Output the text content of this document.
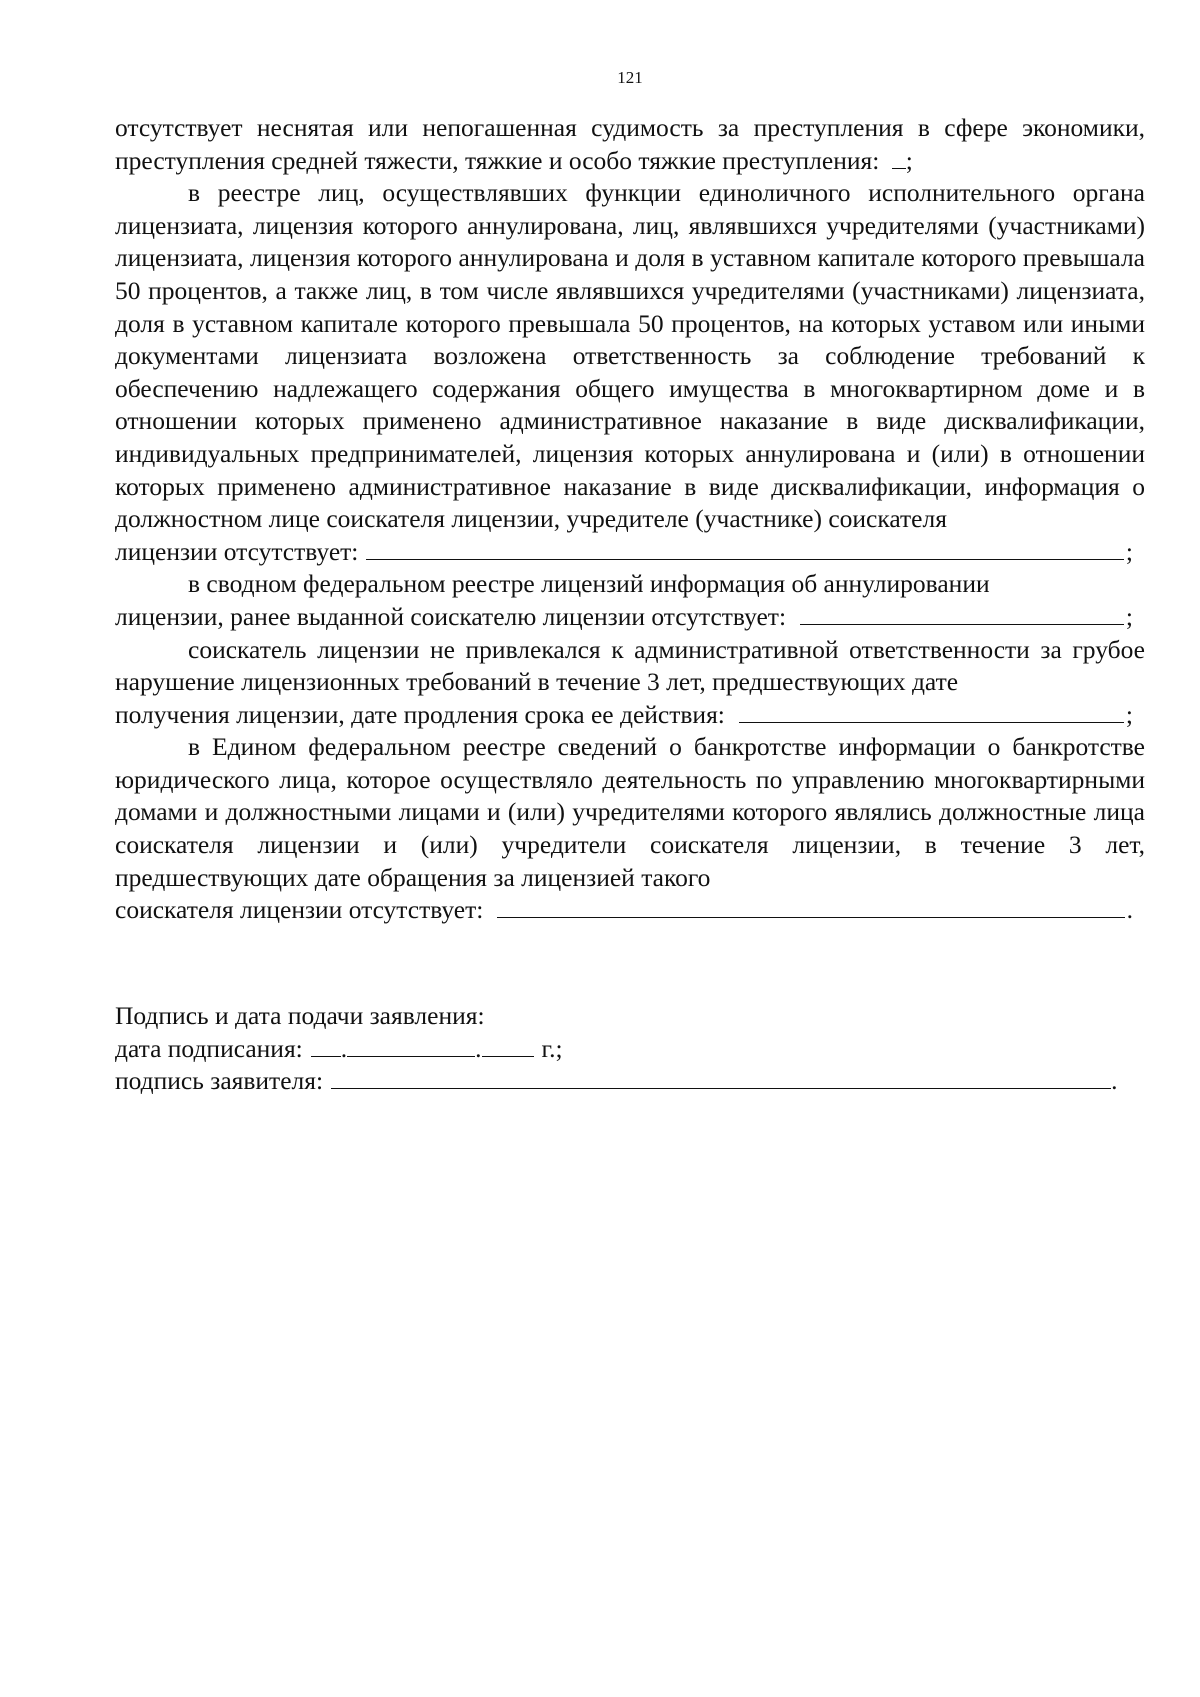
121

отсутствует неснятая или непогашенная судимость за преступления в сфере экономики, преступления средней тяжести, тяжкие и особо тяжкие преступления: ;

в реестре лиц, осуществлявших функции единоличного исполнительного органа лицензиата, лицензия которого аннулирована, лиц, являвшихся учредителями (участниками) лицензиата, лицензия которого аннулирована и доля в уставном капитале которого превышала 50 процентов, а также лиц, в том числе являвшихся учредителями (участниками) лицензиата, доля в уставном капитале которого превышала 50 процентов, на которых уставом или иными документами лицензиата возложена ответственность за соблюдение требований к обеспечению надлежащего содержания общего имущества в многоквартирном доме и в отношении которых применено административное наказание в виде дисквалификации, индивидуальных предпринимателей, лицензия которых аннулирована и (или) в отношении которых применено административное наказание в виде дисквалификации, информация о должностном лице соискателя лицензии, учредителе (участнике) соискателя

лицензии отсутствует:	;

в сводном федеральном реестре лицензий информация об аннулировании

лицензии, ранее выданной соискателю лицензии отсутствует:	;

соискатель лицензии не привлекался к административной ответственности за грубое нарушение лицензионных требований в течение 3 лет, предшествующих дате

получения лицензии, дате продления срока ее действия:	;

в Едином федеральном реестре сведений о банкротстве информации о банкротстве юридического лица, которое осуществляло деятельность по управлению многоквартирными домами и должностными лицами и (или) учредителями которого являлись должностные лица соискателя лицензии и (или) учредители соискателя лицензии, в течение 3 лет, предшествующих дате обращения за лицензией такого

соискателя лицензии отсутствует:	.
Подпись и дата подачи заявления:
дата подписания: .	. г.;
подпись заявителя:	.
